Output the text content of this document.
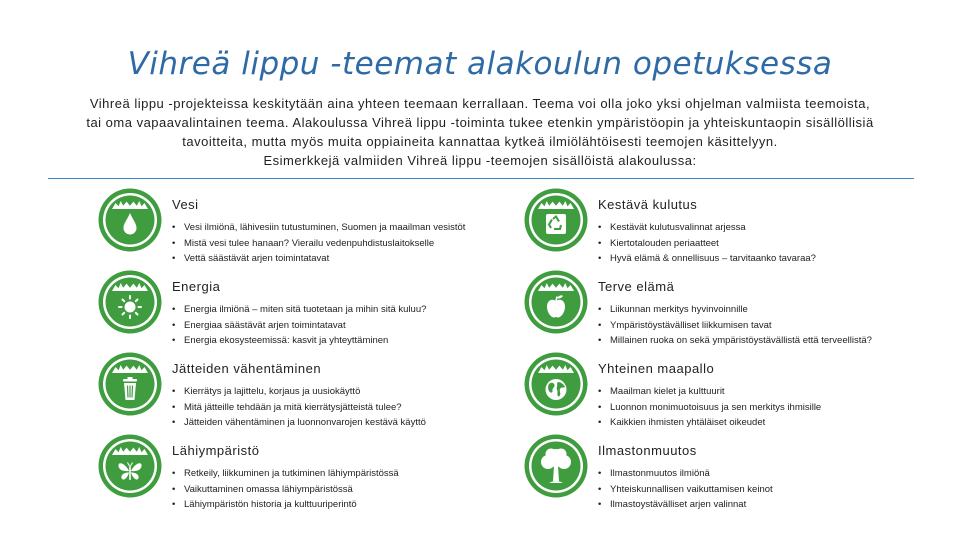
Vihreä lippu -teemat alakoulun opetuksessa

Vihreä lippu -projekteissa keskitytään aina yhteen teemaan kerrallaan. Teema voi olla joko yksi ohjelman valmiista teemoista,

tai oma vapaavalintainen teema. Alakoulussa Vihreä lippu -toiminta tukee etenkin ympäristöopin ja yhteiskuntaopin sisällöllisiä

tavoitteita, mutta myös muita oppiaineita kannattaa kytkeä ilmiölähtöisesti teemojen käsittelyyn.

Esimerkkejä valmiiden Vihreä lippu -teemojen sisällöistä alakoulussa:

Vesi
• Vesi ilmiönä, lähivesiin tutustuminen, Suomen ja maailman vesistöt
• Mistä vesi tulee hanaan? Vierailu vedenpuhdistuslaitokselle
• Vettä säästävät arjen toimintatavat
Kestävä kulutus
• Kestävät kulutusvalinnat arjessa
• Kiertotalouden periaatteet
• Hyvä elämä & onnellisuus – tarvitaanko tavaraa?
Energia
• Energia ilmiönä – miten sitä tuotetaan ja mihin sitä kuluu?
• Energiaa säästävät arjen toimintatavat
• Energia ekosysteemissä: kasvit ja yhteyttäminen
Terve elämä
• Liikunnan merkitys hyvinvoinnille
• Ympäristöystävälliset liikkumisen tavat
• Millainen ruoka on sekä ympäristöystävällistä että terveellistä?
Jätteiden vähentäminen
• Kierrätys ja lajittelu, korjaus ja uusiokäyttö
• Mitä jätteille tehdään ja mitä kierrätysjätteistä tulee?
• Jätteiden vähentäminen ja luonnonvarojen kestävä käyttö
Yhteinen maapallo
• Maailman kielet ja kulttuurit
• Luonnon monimuotoisuus ja sen merkitys ihmisille
• Kaikkien ihmisten yhtäläiset oikeudet
Lähiympäristö
• Retkeily, liikkuminen ja tutkiminen lähiympäristössä
• Vaikuttaminen omassa lähiympäristössä
• Lähiympäristön historia ja kulttuuriperintö
Ilmastonmuutos
• Ilmastonmuutos ilmiönä
• Yhteiskunnallisen vaikuttamisen keinot
• Ilmastoystävälliset arjen valinnat
